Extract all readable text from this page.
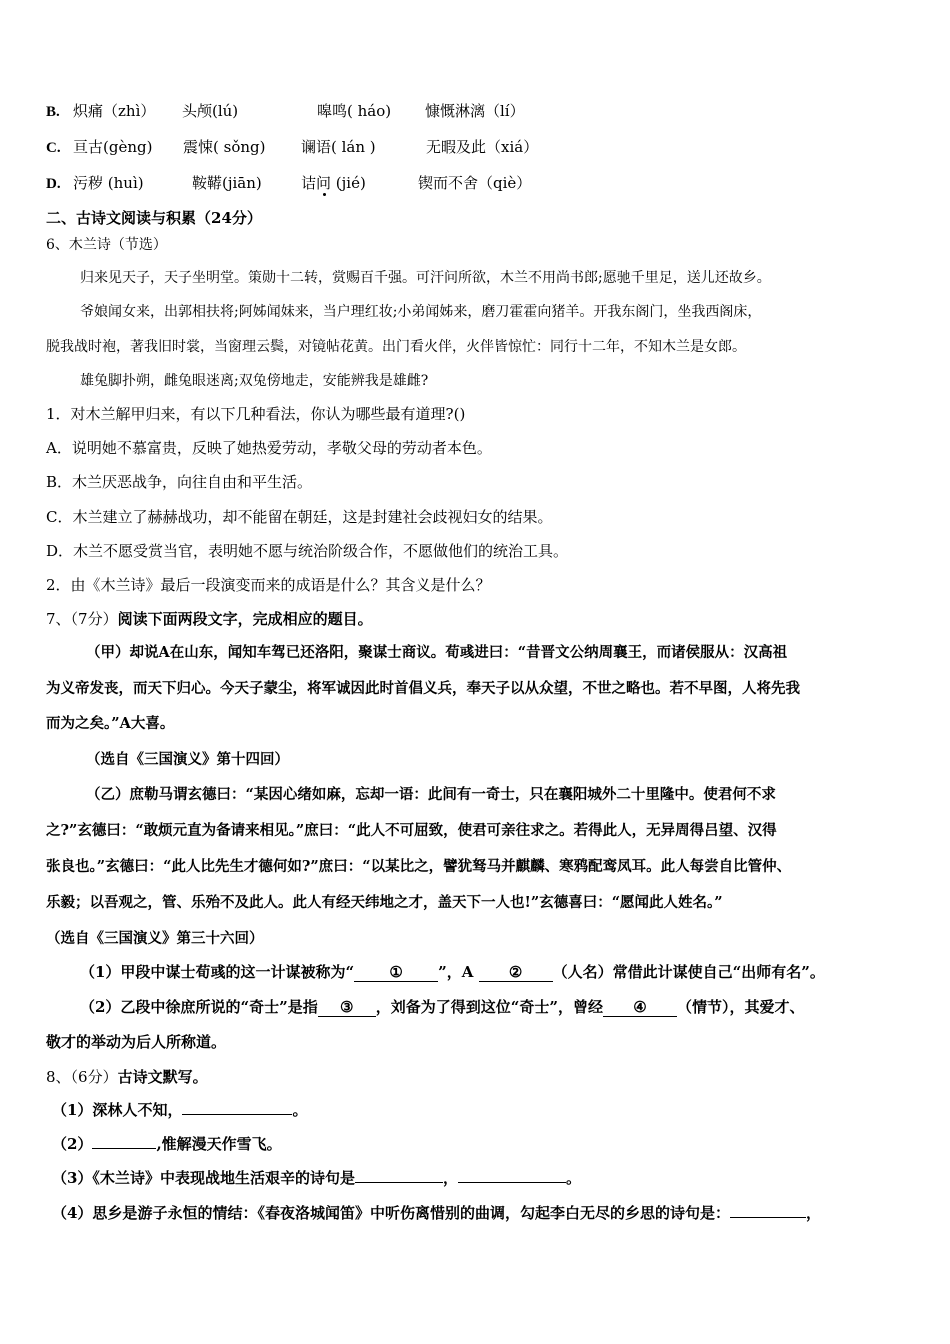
B. 炽痛（zhì） 头颅(lú)	嗥鸣( háo) 慷慨淋漓（lí）
C. 亘古(gèng) 震悚( sǒng) 谰语( lán )	无暇及此（xiá）
D. 污秽 (huì)	鞍鞯(jiān)	诘问 (jié)	锲而不舍（qiè）
二、古诗文阅读与积累（24分）
6、木兰诗（节选）
归来见天子，天子坐明堂。策勋十二转，赏赐百千强。可汗问所欲，木兰不用尚书郎;愿驰千里足，送儿还故乡。
爷娘闻女来，出郭相扶将;阿姊闻妹来，当户理红妆;小弟闻姊来，磨刀霍霍向猪羊。开我东阁门，坐我西阁床，
脱我战时袍，著我旧时裳，当窗理云鬓，对镜帖花黄。出门看火伴，火伴皆惊忙：同行十二年，不知木兰是女郎。
雄兔脚扑朔，雌兔眼迷离;双兔傍地走，安能辨我是雄雌?
1．对木兰解甲归来，有以下几种看法，你认为哪些最有道理?()
A．说明她不慕富贵，反映了她热爱劳动，孝敬父母的劳动者本色。
B．木兰厌恶战争，向往自由和平生活。
C．木兰建立了赫赫战功，却不能留在朝廷，这是封建社会歧视妇女的结果。
D．木兰不愿受赏当官，表明她不愿与统治阶级合作，不愿做他们的统治工具。
2．由《木兰诗》最后一段演变而来的成语是什么？其含义是什么？
7、（7分）阅读下面两段文字，完成相应的题目。
（甲）却说A在山东，闻知车驾已还洛阳，聚谋士商议。荀彧进曰：“昔晋文公纳周襄王，而诸侯服从：汉高祖
为义帝发丧，而天下归心。今天子蒙尘，将军诚因此时首倡义兵，奉天子以从众望，不世之略也。若不早图，人将先我
而为之矣。”A大喜。
（选自《三国演义》第十四回）
（乙）庶勒马谓玄德曰：“某因心绪如麻，忘却一语：此间有一奇士，只在襄阳城外二十里隆中。使君何不求
之?”玄德曰：“敢烦元直为备请来相见。”庶曰：“此人不可屈致，使君可亲往求之。若得此人，无异周得吕望、汉得
张良也。”玄德曰：“此人比先生才德何如?”庶曰：“以某比之，譬犹驽马并麒麟、寒鸦配鸾凤耳。此人每尝自比管仲、
乐毅；以吾观之，管、乐殆不及此人。此人有经天纬地之才，盖天下一人也!”玄德喜曰：“愿闻此人姓名。”
（选自《三国演义》第三十六回）
（1）甲段中谋士荀彧的这一计谋被称为“ ① ”，A ② （人名）常借此计谋使自己“出师有名”。
（2）乙段中徐庶所说的“奇士”是指 ③ ，刘备为了得到这位“奇士”，曾经 ④ （情节），其爱才、
敬才的举动为后人所称道。
8、（6分）古诗文默写。
（1）深林人不知，	。
（2）	,惟解漫天作雪飞。
（3）《木兰诗》中表现战地生活艰辛的诗句是	，	。
（4）思乡是游子永恒的情结：《春夜洛城闻笛》中听伤离惜别的曲调，勾起李白无尽的乡思的诗句是：	，
